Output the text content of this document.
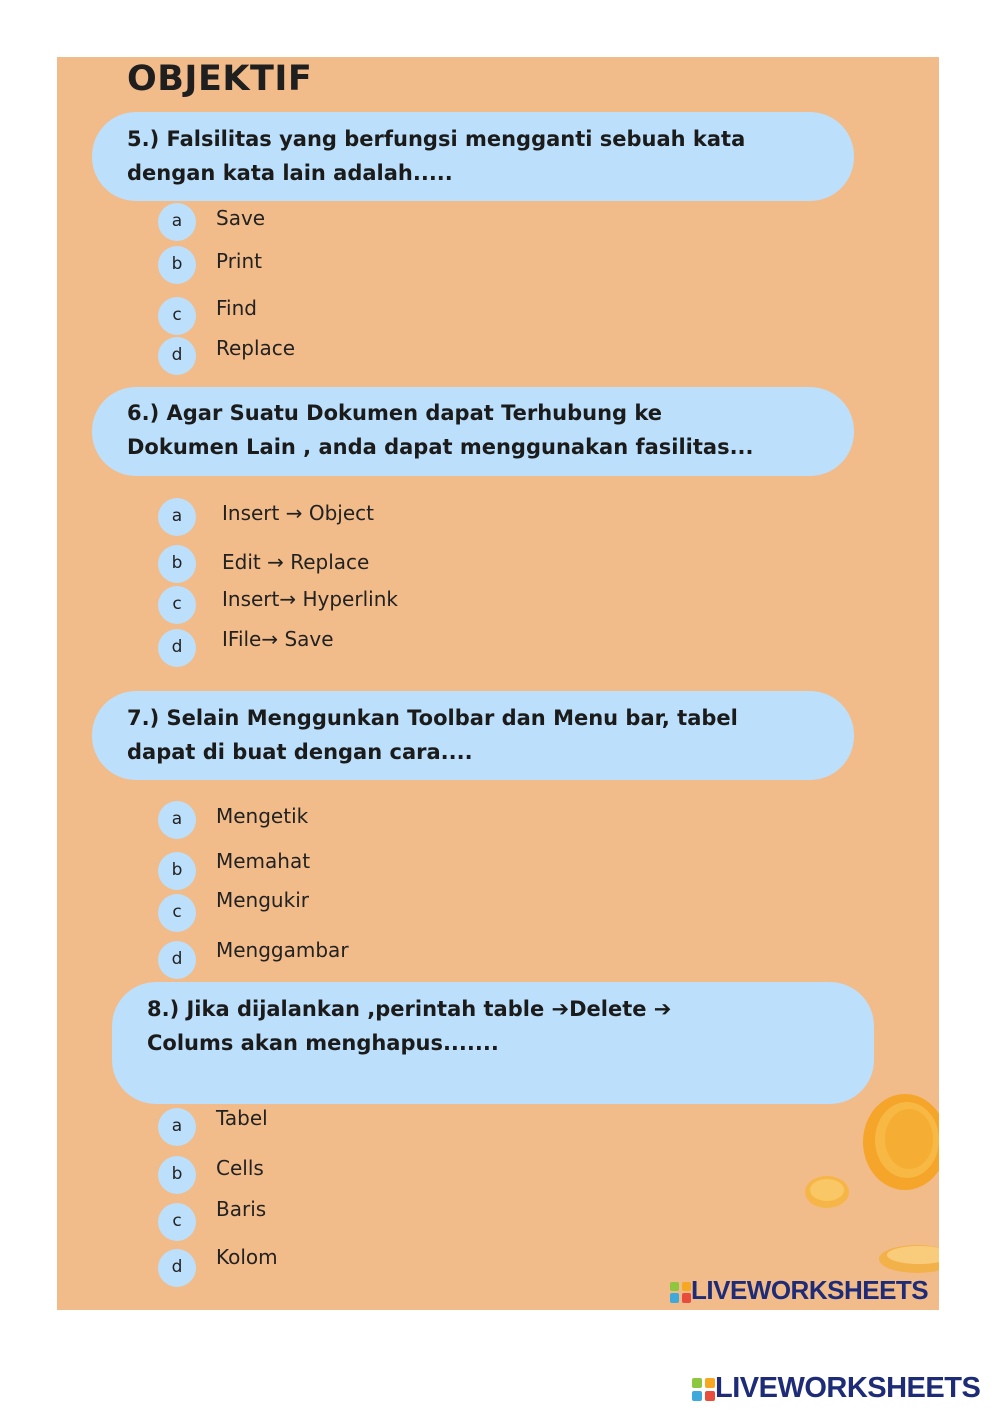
OBJEKTIF
5.) Falsilitas yang berfungsi mengganti sebuah kata
dengan kata lain adalah.....
a	Save
b	Print
c	Find
d	Replace
6.) Agar Suatu Dokumen dapat Terhubung ke
Dokumen Lain , anda dapat menggunakan fasilitas...
a	Insert → Object
b	Edit → Replace
c	Insert→ Hyperlink
d	IFile→ Save
7.) Selain Menggunkan Toolbar dan Menu bar, tabel
dapat di buat dengan cara....
a	Mengetik
b	Memahat
c	Mengukir
d	Menggambar
8.) Jika dijalankan ,perintah table ➔Delete ➔
Colums akan menghapus.......
a	Tabel
b	Cells
c	Baris
d	Kolom
LIVEWORKSHEETS
LIVEWORKSHEETS
